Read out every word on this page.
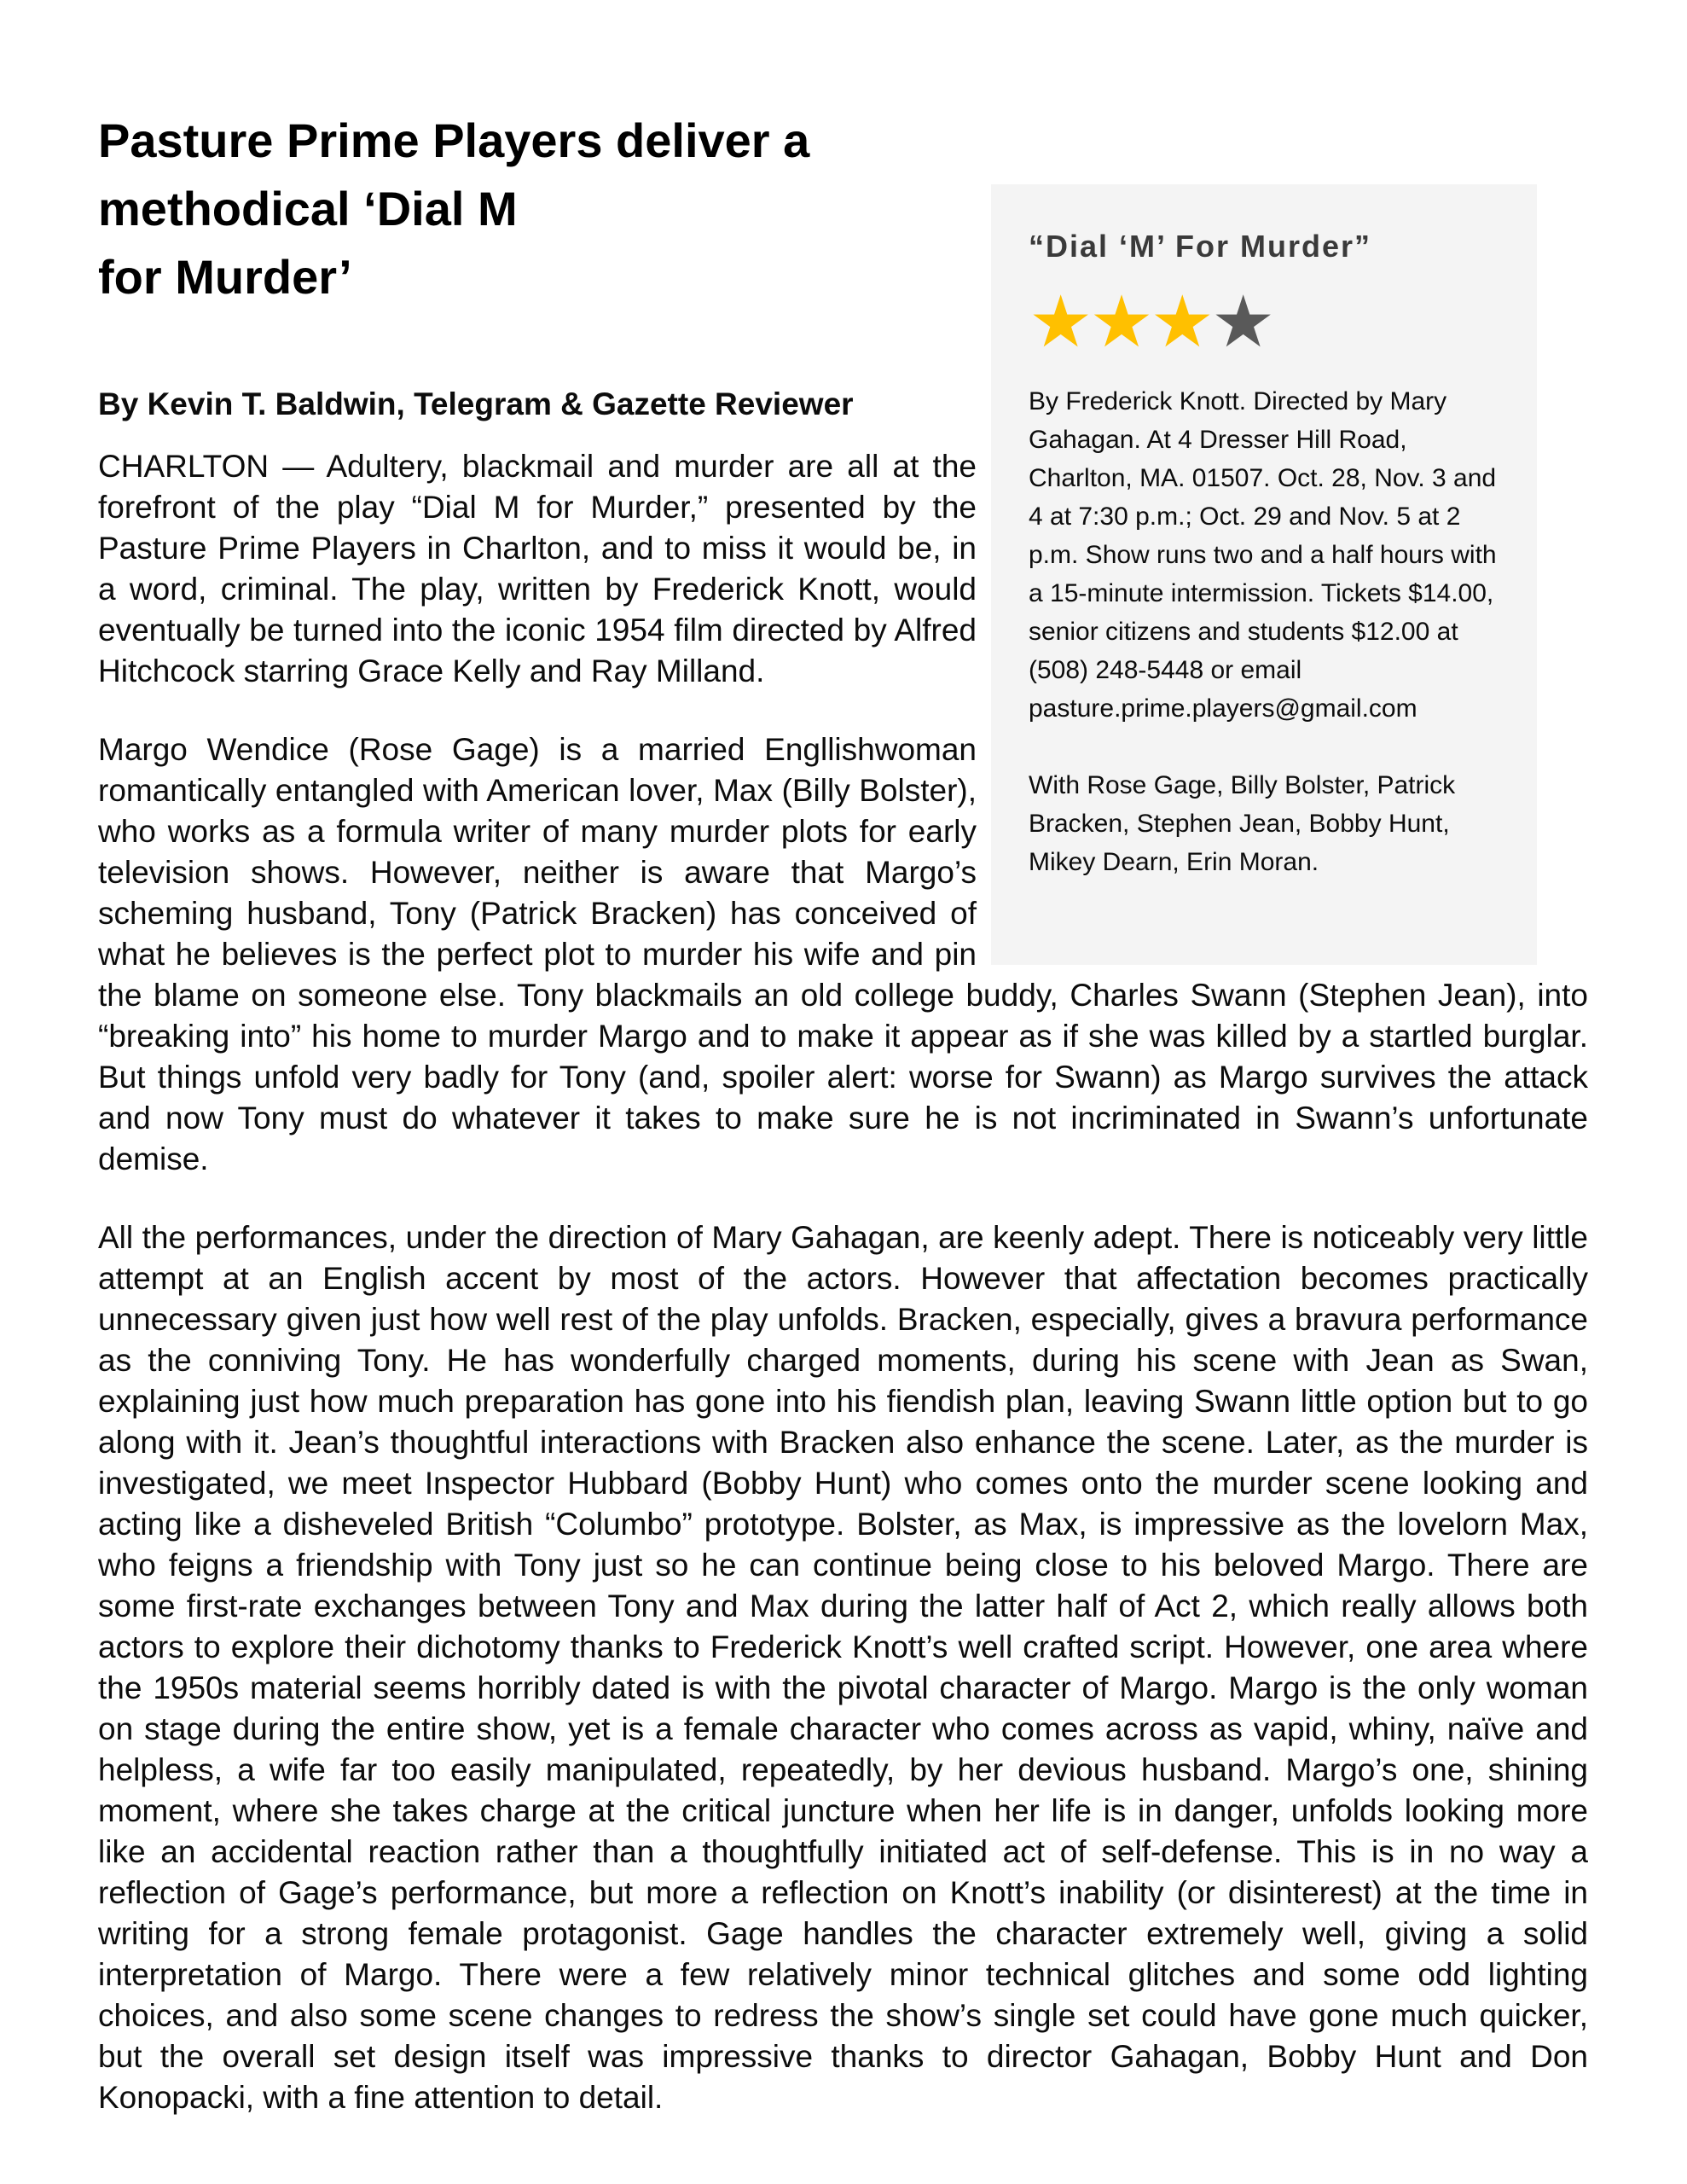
“Dial ‘M’ For Murder”
★★★★

By Frederick Knott. Directed by Mary Gahagan. At 4 Dresser Hill Road, Charlton, MA. 01507. Oct. 28, Nov. 3 and 4 at 7:30 p.m.; Oct. 29 and Nov. 5 at 2 p.m. Show runs two and a half hours with a 15-minute intermission. Tickets $14.00, senior citizens and students $12.00 at (508) 248-5448 or email pasture.prime.players@gmail.com

With Rose Gage, Billy Bolster, Patrick Bracken, Stephen Jean, Bobby Hunt, Mikey Dearn, Erin Moran.

Pasture Prime Players deliver a methodical ‘Dial M
for Murder’

By Kevin T. Baldwin, Telegram & Gazette Reviewer

CHARLTON — Adultery, blackmail and murder are all at the forefront of the play “Dial M for Murder,” presented by the Pasture Prime Players in Charlton, and to miss it would be, in a word, criminal. The play, written by Frederick Knott, would eventually be turned into the iconic 1954 film directed by Alfred Hitchcock starring Grace Kelly and Ray Milland.

Margo Wendice (Rose Gage) is a married Engllishwoman romantically entangled with American lover, Max (Billy Bolster), who works as a formula writer of many murder plots for early television shows. However, neither is aware that Margo’s scheming husband, Tony (Patrick Bracken) has conceived of what he believes is the perfect plot to murder his wife and pin the blame on someone else. Tony blackmails an old college buddy, Charles Swann (Stephen Jean), into “breaking into” his home to murder Margo and to make it appear as if she was killed by a startled burglar. But things unfold very badly for Tony (and, spoiler alert: worse for Swann) as Margo survives the attack and now Tony must do whatever it takes to make sure he is not incriminated in Swann’s unfortunate demise.

All the performances, under the direction of Mary Gahagan, are keenly adept. There is noticeably very little attempt at an English accent by most of the actors. However that affectation becomes practically unnecessary given just how well rest of the play unfolds. Bracken, especially, gives a bravura performance as the conniving Tony. He has wonderfully charged moments, during his scene with Jean as Swan, explaining just how much preparation has gone into his fiendish plan, leaving Swann little option but to go along with it. Jean’s thoughtful interactions with Bracken also enhance the scene. Later, as the murder is investigated, we meet Inspector Hubbard (Bobby Hunt) who comes onto the murder scene looking and acting like a disheveled British “Columbo” prototype. Bolster, as Max, is impressive as the lovelorn Max, who feigns a friendship with Tony just so he can continue being close to his beloved Margo. There are some first-rate exchanges between Tony and Max during the latter half of Act 2, which really allows both actors to explore their dichotomy thanks to Frederick Knott’s well crafted script. However, one area where the 1950s material seems horribly dated is with the pivotal character of Margo. Margo is the only woman on stage during the entire show, yet is a female character who comes across as vapid, whiny, naïve and helpless, a wife far too easily manipulated, repeatedly, by her devious husband. Margo’s one, shining moment, where she takes charge at the critical juncture when her life is in danger, unfolds looking more like an accidental reaction rather than a thoughtfully initiated act of self-defense. This is in no way a reflection of Gage’s performance, but more a reflection on Knott’s inability (or disinterest) at the time in writing for a strong female protagonist. Gage handles the character extremely well, giving a solid interpretation of Margo. There were a few relatively minor technical glitches and some odd lighting choices, and also some scene changes to redress the show’s single set could have gone much quicker, but the overall set design itself was impressive thanks to director Gahagan, Bobby Hunt and Don Konopacki, with a fine attention to detail.
